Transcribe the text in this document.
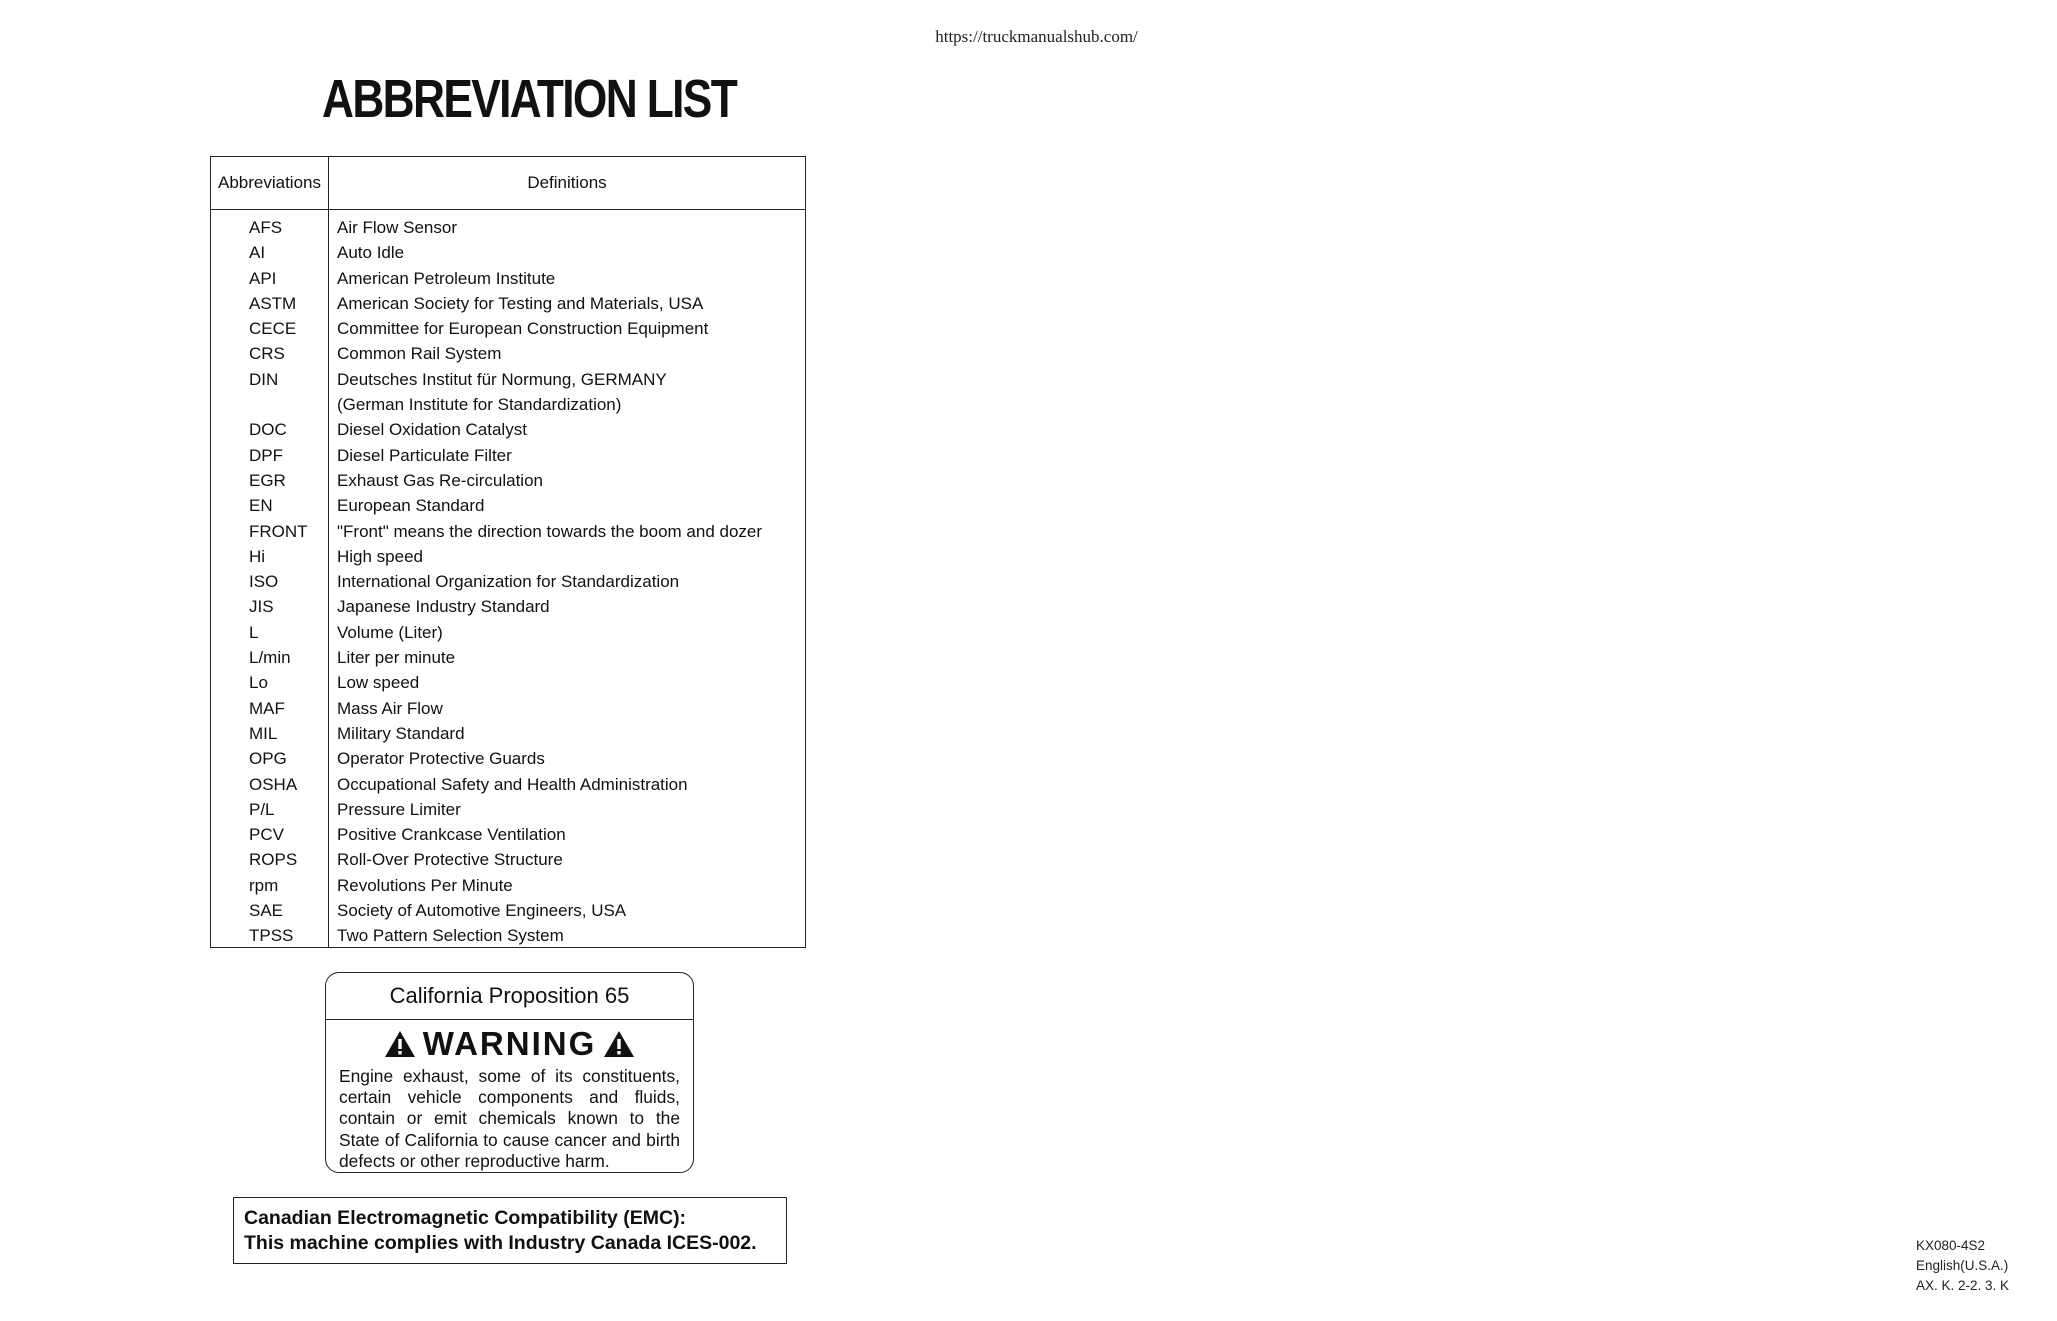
https://truckmanualshub.com/
ABBREVIATION LIST
Abbreviations	Definitions
AFS
AI
API
ASTM
CECE
CRS
DIN
DOC
DPF
EGR
EN
FRONT
Hi
ISO
JIS
L
L/min
Lo
MAF
MIL
OPG
OSHA
P/L
PCV
ROPS
rpm
SAE
TPSS
Air Flow Sensor
Auto Idle
American Petroleum Institute
American Society for Testing and Materials, USA
Committee for European Construction Equipment
Common Rail System
Deutsches Institut für Normung, GERMANY
(German Institute for Standardization)
Diesel Oxidation Catalyst
Diesel Particulate Filter
Exhaust Gas Re-circulation
European Standard
"Front" means the direction towards the boom and dozer
High speed
International Organization for Standardization
Japanese Industry Standard
Volume (Liter)
Liter per minute
Low speed
Mass Air Flow
Military Standard
Operator Protective Guards
Occupational Safety and Health Administration
Pressure Limiter
Positive Crankcase Ventilation
Roll-Over Protective Structure
Revolutions Per Minute
Society of Automotive Engineers, USA
Two Pattern Selection System
California Proposition 65
WARNING
Engine exhaust, some of its constituents, certain vehicle components and fluids, contain or emit chemicals known to the State of California to cause cancer and birth defects or other reproductive harm.
Canadian Electromagnetic Compatibility (EMC):
This machine complies with Industry Canada ICES-002.	KX080-4S2
English(U.S.A.)
AX. K. 2-2. 3. K
